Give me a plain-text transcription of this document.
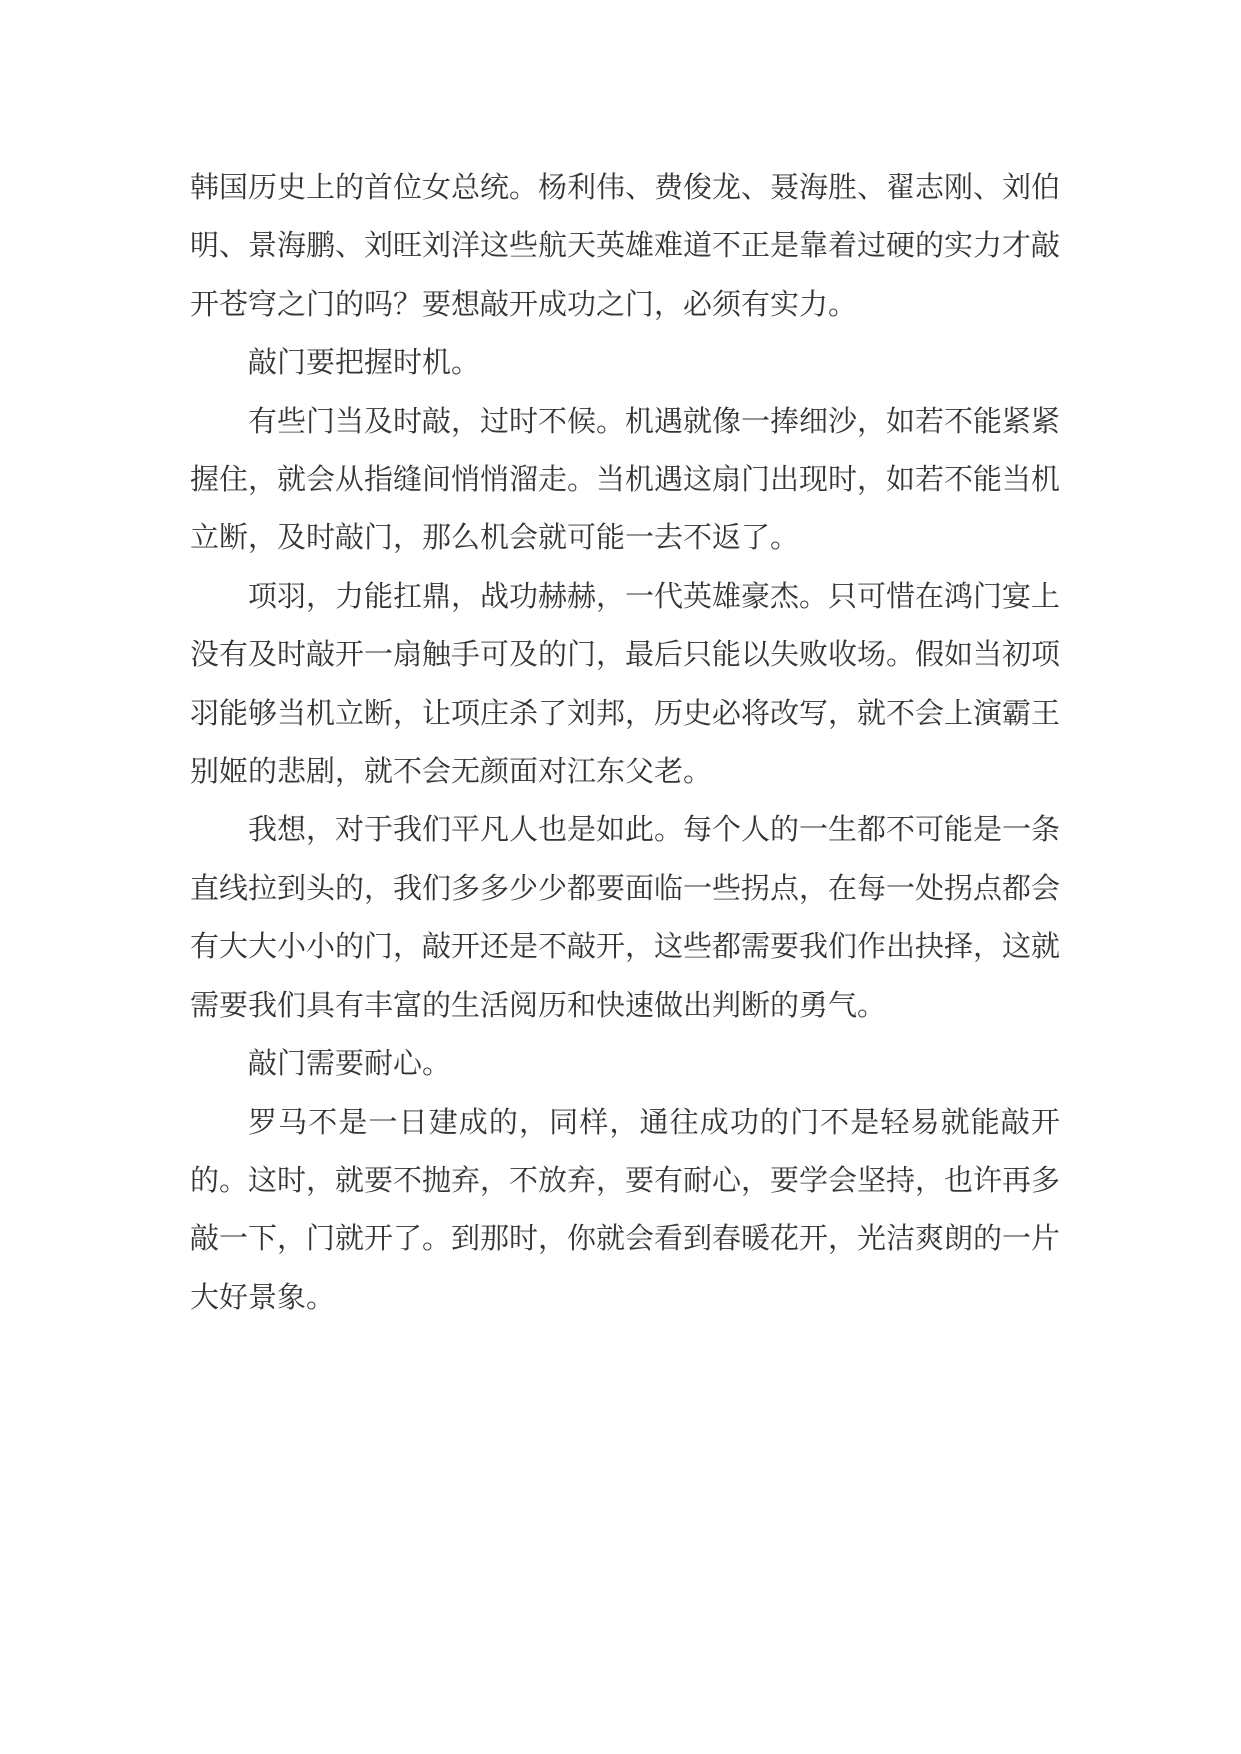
韩国历史上的首位女总统。杨利伟、费俊龙、聂海胜、翟志刚、刘伯明、景海鹏、刘旺刘洋这些航天英雄难道不正是靠着过硬的实力才敲开苍穹之门的吗？要想敲开成功之门，必须有实力。

敲门要把握时机。

有些门当及时敲，过时不候。机遇就像一捧细沙，如若不能紧紧握住，就会从指缝间悄悄溜走。当机遇这扇门出现时，如若不能当机立断，及时敲门，那么机会就可能一去不返了。

项羽，力能扛鼎，战功赫赫，一代英雄豪杰。只可惜在鸿门宴上没有及时敲开一扇触手可及的门，最后只能以失败收场。假如当初项羽能够当机立断，让项庄杀了刘邦，历史必将改写，就不会上演霸王别姬的悲剧，就不会无颜面对江东父老。

我想，对于我们平凡人也是如此。每个人的一生都不可能是一条直线拉到头的，我们多多少少都要面临一些拐点，在每一处拐点都会有大大小小的门，敲开还是不敲开，这些都需要我们作出抉择，这就需要我们具有丰富的生活阅历和快速做出判断的勇气。

敲门需要耐心。

罗马不是一日建成的，同样，通往成功的门不是轻易就能敲开的。这时，就要不抛弃，不放弃，要有耐心，要学会坚持，也许再多敲一下，门就开了。到那时，你就会看到春暖花开，光洁爽朗的一片大好景象。
